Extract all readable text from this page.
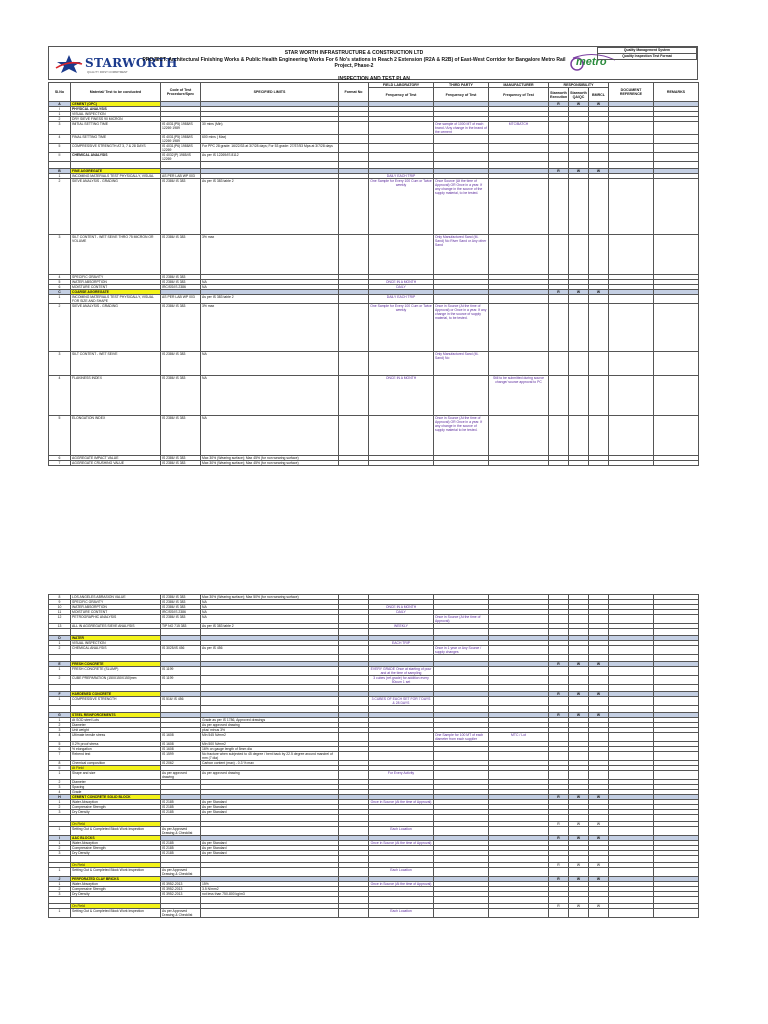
STARWORTH
QUALITY FIRST COMMITMENT
STAR WORTH INFRASTRUCTURE & CONSTRUCTION LTD
PROJECT: Architectural Finishing Works & Public Health Engineering Works For 6 No's stations in Reach 2 Extension (R2A & R2B) of East-West Corridor for Bangalore Metro Rail Project, Phase-2	metro
Quality Management System
Quality Inspection Test Format
INSPECTION AND TEST PLAN
Sl.No	Material/ Test to be conducted	Code of Test Procedure/Spec	SPECIFIED LIMITS	Format No	FIELD LABORATORY	THIRD PARTY	MANUFACTURER	RESPONSIBILITY			DOCUMENT REFERENCE	REMARKS
					Frequency of Test	Frequency of Test	Frequency of Test	Starworth Execution	Starworth QA/QC	BMRCL		

A	CEMENT (OPC)							R	W	W		
I	PHYSICAL ANALYSIS											
1	VISUAL INSPECTION											
2	DRY SIEVE FINESS 90 MICRON											
3	INITIAL SETTING TIME	IS 4031(P5) 1988/IS 12269 1989	30 mins (Min)			One sample of 1000 MT of each brand / Any change in the brand of the cement	MTC/BATCH					
4	FINAL SETTING TIME	IS 4031(P5) 1988/IS 12269 1989	600 mins ( Max)									
5	COMPRESSIVE STRENGTH AT 3, 7 & 28 DAYS	IS 4031(P6) 1988/IS 12269	For PPC 28 grade: 16/22/33 at 3/7/28 days; For 53 grade: 27/37/53 Mpa at 3/7/28 days									
II	CHEMICAL ANALYSIS	IS 4032(P) 1985/IS 12269	As per IS 12269/IS 8112									

B	FINE AGGREGATE							R	W	W		
1	INCOMING MATERIALS TEST PHYSICALLY, VISUAL	AS PER LAB WP 003			DAILY EACH TRIP							
2	SIEVE ANALYSIS - GRADING	IS 2386/ IS 383	As per IS 383 table 2		One Sample for Every 100 Cum or Twice weekly	Once Source (At the time of Approval) OR Once in a year. If any change in the source of the supply material, to be tested.						
3	SILT CONTENT - WET SEIVE THRO 75 MICRON OR VOLUME	IS 2386/ IS 383	3% max			Only Manufactured Sand (M-Sand) No River Sand or Any other Sand						
4	SPECIFIC GRAVITY	IS 2386/ IS 383										
5	WATER ABSORPTION	IS 2386/ IS 383	NA		ONCE IN A MONTH							
6	MOISTURE CONTENT	IRC/SS/IS 2386	NA		DAILY							
C	COARSE AGGREGATE							R	W	W		
1	INCOMING MATERIALS TEST PHYSICALLY, VISUAL FOR SIZE AND SHAPE	AS PER LAB WP 003	As per IS 383 table 2		DAILY EACH TRIP							
2	SIEVE ANALYSIS - GRADING	IS 2386/ IS 383	3% max		One Sample for Every 100 Cum or Twice weekly	Once in Source (At the time of Approval) or Once in a year. If any change in the source of supply material, to be tested.						
3	SILT CONTENT - WET SEIVE	IS 2386/ IS 383	NA			Only Manufactured Sand (M-Sand) No						
4	FLAKINESS INDEX	IS 2386/ IS 383	NA		ONCE IN A MONTH		Still to be submitted during source change/ source approval to PC					
5	ELONGATION INDEX	IS 2386/ IS 383	NA			Once in Source (At the time of Approval) OR Once in a year. If any change in the source of supply material to be tested.						
6	AGGREGATE IMPACT VALUE	IS 2386/ IS 383	Max 30% (Wearing surface); Max 45% (for non wearing surface)									
7	AGGREGATE CRUSHING VALUE	IS 2386/ IS 383	Max 30% (Wearing surface); Max 45% (for non wearing surface)									
8	LOS ANGELES ABRASION VALUE	IS 2386/ IS 383	Max 30% (Wearing surface); Max 50% (for non wearing surface)									
9	SPECIFIC GRAVITY	IS 2386/ IS 383	NA									
10	WATER ABSORPTION	IS 2386/ IS 383	NA		ONCE IN A MONTH							
11	MOISTURE CONTENT	IRC/SS/IS 2386	NA		DAILY							
12	PETROGRAPHIC ANALYSIS	IS 2386/ IS 383	NA			Once in Source (At the time of Approval)						
13	ALL IN AGGREGATES SIEVE ANALYSIS	TIP NO 715 383	As per IS 383 table 2		WEEKLY							

D	WATER											
1	VISUAL INSPECTION				EACH TRIP							
2	CHEMICAL ANALYSIS	IS 3025/IS 456	As per IS 456			Once in 1 year or Any Source / supply changes						

E	FRESH CONCRETE							R	W	W		
1	FRESH CONCRETE (SLUMP)	IS 1199			EVERY GRADE Once at starting of pour and at the time of sampling							
2	CUBE PREPARATION (150X150X150)mm	IS 1199			3 cubes (ref.grade) for addition every 50cum 1 set							

F	HARDENED CONCRETE							R	W	W		
1	COMPRESSIVE STRENGTH	IS 516/ IS 456			3 CUBES OF EACH SET FOR 7 DAYS & 28 DAYS							

G	STEEL REINFORCEMENTS							R	W	W		
1	At SOD steel Lots		Grade as per IS 1786, Approved drawings									
2	Diameter		As per approved drawing									
3	Unit weight		plus/ minus 3%									
4	Ultimate tensile stress	IS 1608	Min 545 N/mm2			One Sample for 100 MT of each diameter from each supplier	MTC / Lot					
5	0.2% proof stress	IS 1608	Min 500 N/mm2									
6	% elongation	IS 1608	16% on gauge length of 5mm dia									
7	Rebend test	IS 1599	No fracture when subjected to 45 degree / bent back by 22.5 degree around mandrel of mm (7 dia)									
8	Chemical composition	IS 2062	Carbon content (max) - 0.3 % max									
II	At Field											
1	Shape and size	As per approved drawing	As per approved drawing		For Every Activity							
2	Diameter											
3	Spacing											
4	Grade											
H	CEMENT CONCRETE SOLID BLOCK							R	W	W		
1	Water Absorption	IS 2185	As per Standard		Once in Source (At the time of Approval)							
2	Compressive Strength	IS 2185	As per Standard									
3	Dry Density	IS 2185	As per Standard									

	On Field							R	W	W		
1	Setting Out & Completed Block Work Inspection	As per Approved Drawing & Checklist			Each Location							
I	AAC BLOCKS							R	W	W		
1	Water Absorption	IS 2185	As per Standard		Once in Source (At the time of Approval)							
2	Compressive Strength	IS 2185	As per Standard									
3	Dry Density	IS 2185	As per Standard									

	On Field							R	W	W		
1	Setting Out & Completed Block Work Inspection	As per Approved Drawing & Checklist			Each Location							
J	PERFORATED CLAY BRICKS							R	W	W		
1	Water Absorption	IS 3952-2013	15%		Once in Source (At the time of Approval)							
2	Compressive Strength	IS 3952-2013	3.5 N/mm2									
3	Dry Density	IS 3952-2013	not less than 750-800 kg/m3									

	On Field							R	W	W		
1	Setting Out & Completed Block Work Inspection	As per Approved Drawing & Checklist			Each Location							
